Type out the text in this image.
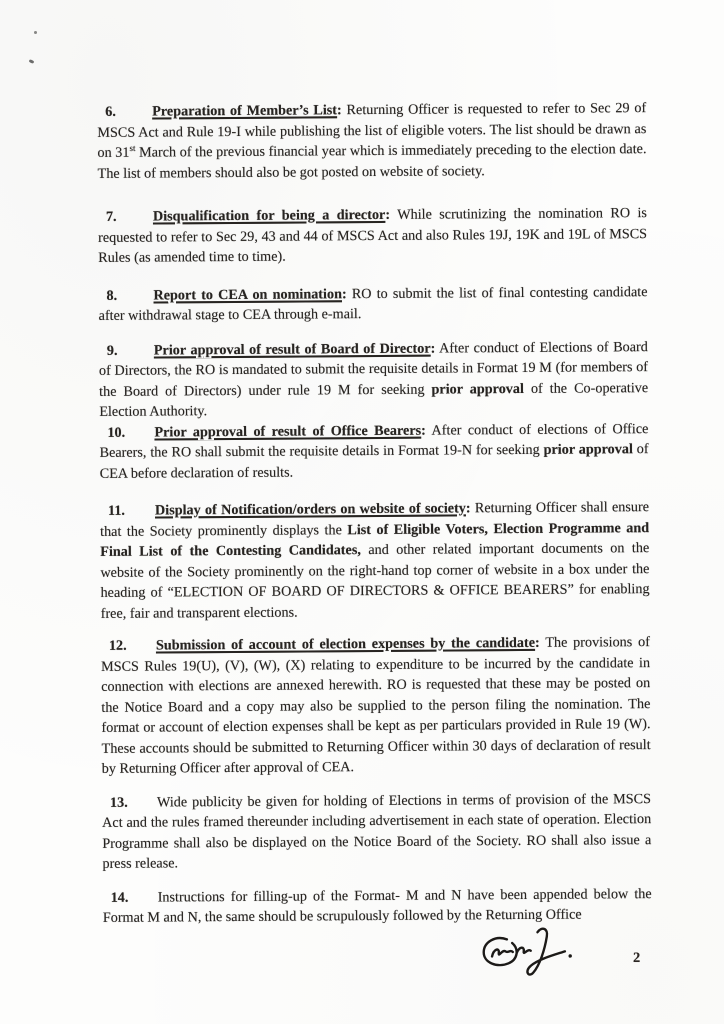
6.	Preparation of Member’s List: Returning Officer is requested to refer to Sec 29 of MSCS Act and Rule 19-I while publishing the list of eligible voters. The list should be drawn as on 31st March of the previous financial year which is immediately preceding to the election date. The list of members should also be got posted on website of society.
7.	Disqualification for being a director: While scrutinizing the nomination RO is requested to refer to Sec 29, 43 and 44 of MSCS Act and also Rules 19J, 19K and 19L of MSCS Rules (as amended time to time).
8.	Report to CEA on nomination: RO to submit the list of final contesting candidate after withdrawal stage to CEA through e-mail.
9.	Prior approval of result of Board of Director: After conduct of Elections of Board of Directors, the RO is mandated to submit the requisite details in Format 19 M (for members of the Board of Directors) under rule 19 M for seeking prior approval of the Co-operative Election Authority.
10. Prior approval of result of Office Bearers: After conduct of elections of Office Bearers, the RO shall submit the requisite details in Format 19-N for seeking prior approval of CEA before declaration of results.
11. Display of Notification/orders on website of society: Returning Officer shall ensure that the Society prominently displays the List of Eligible Voters, Election Programme and Final List of the Contesting Candidates, and other related important documents on the website of the Society prominently on the right-hand top corner of website in a box under the heading of “ELECTION OF BOARD OF DIRECTORS & OFFICE BEARERS” for enabling free, fair and transparent elections.
12. Submission of account of election expenses by the candidate: The provisions of MSCS Rules 19(U), (V), (W), (X) relating to expenditure to be incurred by the candidate in connection with elections are annexed herewith. RO is requested that these may be posted on the Notice Board and a copy may also be supplied to the person filing the nomination. The format or account of election expenses shall be kept as per particulars provided in Rule 19 (W). These accounts should be submitted to Returning Officer within 30 days of declaration of result by Returning Officer after approval of CEA.
13. Wide publicity be given for holding of Elections in terms of provision of the MSCS Act and the rules framed thereunder including advertisement in each state of operation. Election Programme shall also be displayed on the Notice Board of the Society. RO shall also issue a press release.
14. Instructions for filling-up of the Format- M and N have been appended below the Format M and N, the same should be scrupulously followed by the Returning Office
2
